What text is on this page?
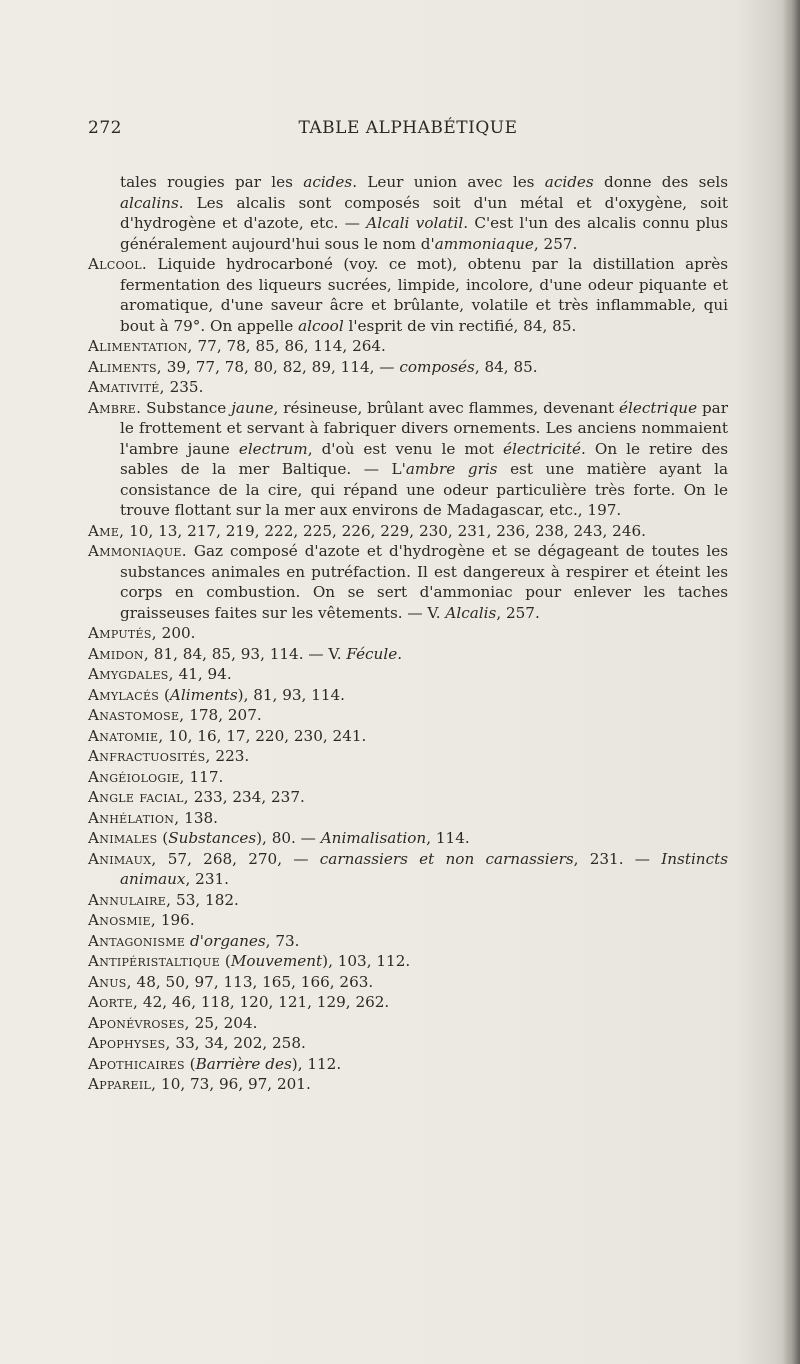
272	TABLE ALPHABÉTIQUE

tales rougies par les acides. Leur union avec les acides donne des sels alcalins. Les alcalis sont composés soit d'un métal et d'oxygène, soit d'hydrogène et d'azote, etc. — Alcali volatil. C'est l'un des alcalis connu plus généralement aujourd'hui sous le nom d'ammoniaque, 257.

Alcool. Liquide hydrocarboné (voy. ce mot), obtenu par la distillation après fermentation des liqueurs sucrées, limpide, incolore, d'une odeur piquante et aromatique, d'une saveur âcre et brûlante, volatile et très inflammable, qui bout à 79°. On appelle alcool l'esprit de vin rectifié, 84, 85.

Alimentation, 77, 78, 85, 86, 114, 264.

Aliments, 39, 77, 78, 80, 82, 89, 114, — composés, 84, 85.

Amativité, 235.

Ambre. Substance jaune, résineuse, brûlant avec flammes, devenant électrique par le frottement et servant à fabriquer divers ornements. Les anciens nommaient l'ambre jaune electrum, d'où est venu le mot électricité. On le retire des sables de la mer Baltique. — L'ambre gris est une matière ayant la consistance de la cire, qui répand une odeur particulière très forte. On le trouve flottant sur la mer aux environs de Madagascar, etc., 197.

Ame, 10, 13, 217, 219, 222, 225, 226, 229, 230, 231, 236, 238, 243, 246.

Ammoniaque. Gaz composé d'azote et d'hydrogène et se dégageant de toutes les substances animales en putréfaction. Il est dangereux à respirer et éteint les corps en combustion. On se sert d'ammoniac pour enlever les taches graisseuses faites sur les vêtements. — V. Alcalis, 257.

Amputés, 200.

Amidon, 81, 84, 85, 93, 114. — V. Fécule.

Amygdales, 41, 94.

Amylacés (Aliments), 81, 93, 114.

Anastomose, 178, 207.

Anatomie, 10, 16, 17, 220, 230, 241.

Anfractuosités, 223.

Angéiologie, 117.

Angle facial, 233, 234, 237.

Anhélation, 138.

Animales (Substances), 80. — Animalisation, 114.

Animaux, 57, 268, 270, — carnassiers et non carnassiers, 231. — Instincts animaux, 231.

Annulaire, 53, 182.

Anosmie, 196.

Antagonisme d'organes, 73.

Antipéristaltique (Mouvement), 103, 112.

Anus, 48, 50, 97, 113, 165, 166, 263.

Aorte, 42, 46, 118, 120, 121, 129, 262.

Aponévroses, 25, 204.

Apophyses, 33, 34, 202, 258.

Apothicaires (Barrière des), 112.

Appareil, 10, 73, 96, 97, 201.
